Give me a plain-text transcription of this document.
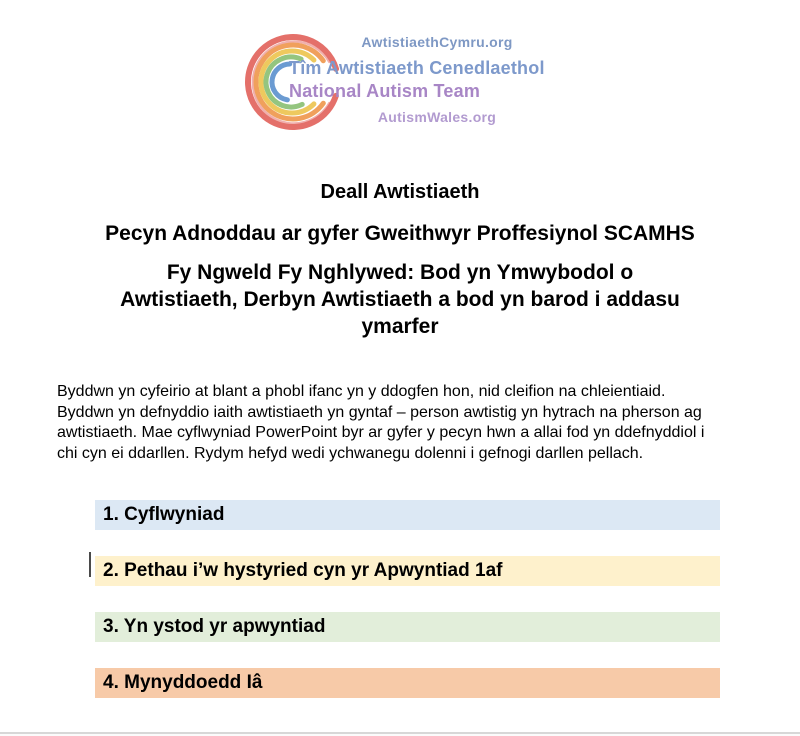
AwtistiaethCymru.org
Tîm Awtistiaeth Cenedlaethol
National Autism Team
AutismWales.org
Deall Awtistiaeth
Pecyn Adnoddau ar gyfer Gweithwyr Proffesiynol SCAMHS
Fy Ngweld Fy Nghlywed: Bod yn Ymwybodol o
Awtistiaeth, Derbyn Awtistiaeth a bod yn barod i addasu
ymarfer

Byddwn yn cyfeirio at blant a phobl ifanc yn y ddogfen hon, nid cleifion na chleientiaid. Byddwn yn defnyddio iaith awtistiaeth yn gyntaf – person awtistig yn hytrach na pherson ag awtistiaeth. Mae cyflwyniad PowerPoint byr ar gyfer y pecyn hwn a allai fod yn ddefnyddiol i chi cyn ei ddarllen. Rydym hefyd wedi ychwanegu dolenni i gefnogi darllen pellach.

1. Cyflwyniad
2. Pethau i’w hystyried cyn yr Apwyntiad 1af
3. Yn ystod yr apwyntiad
4. Mynyddoedd Iâ
